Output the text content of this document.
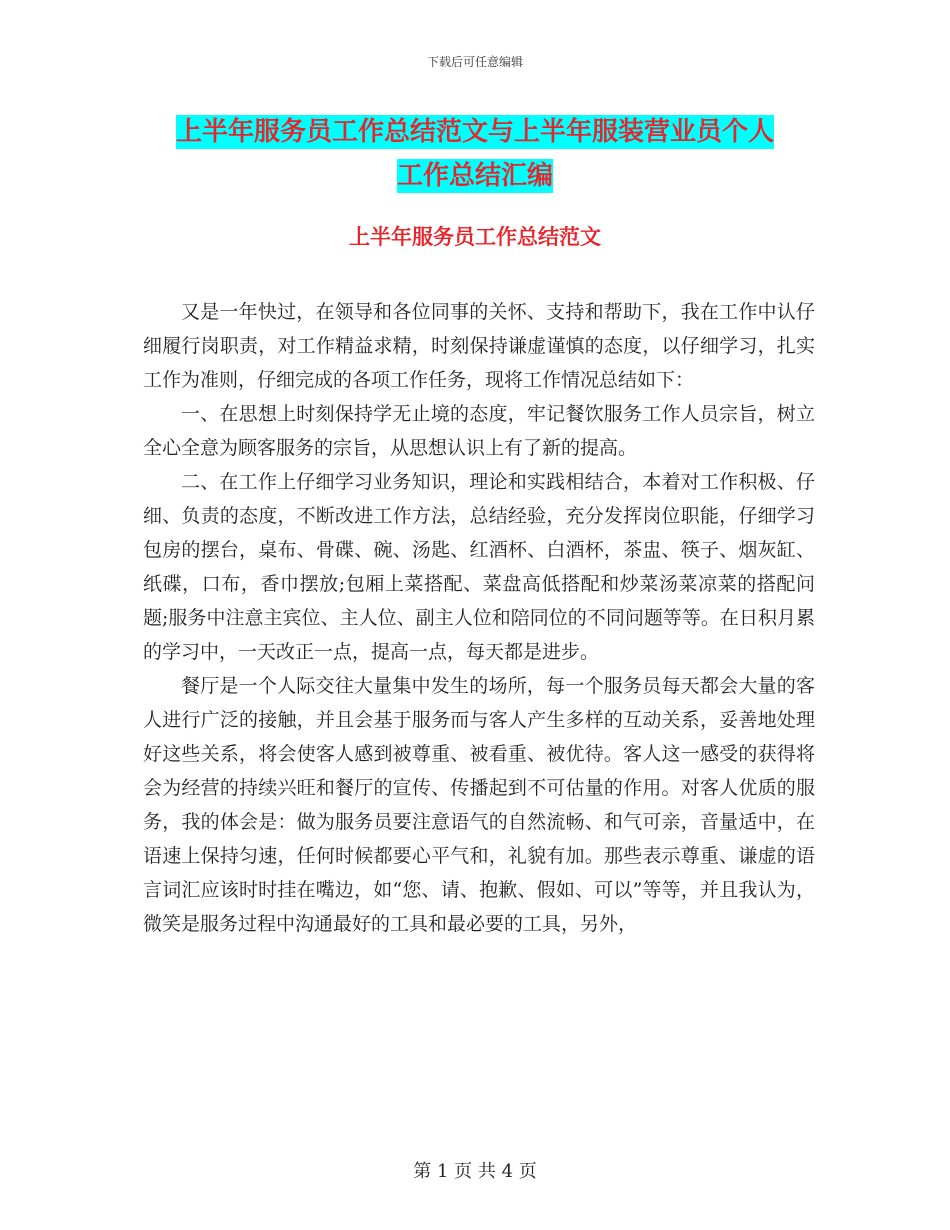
下载后可任意编辑
上半年服务员工作总结范文与上半年服装营业员个人
工作总结汇编
上半年服务员工作总结范文

又是一年快过，在领导和各位同事的关怀、支持和帮助下，我在工作中认仔细履行岗职责，对工作精益求精，时刻保持谦虚谨慎的态度，以仔细学习，扎实工作为准则，仔细完成的各项工作任务，现将工作情况总结如下：

一、在思想上时刻保持学无止境的态度，牢记餐饮服务工作人员宗旨，树立全心全意为顾客服务的宗旨，从思想认识上有了新的提高。

二、在工作上仔细学习业务知识，理论和实践相结合，本着对工作积极、仔细、负责的态度，不断改进工作方法，总结经验，充分发挥岗位职能，仔细学习包房的摆台，桌布、骨碟、碗、汤匙、红酒杯、白酒杯，茶盅、筷子、烟灰缸、纸碟，口布，香巾摆放;包厢上菜搭配、菜盘高低搭配和炒菜汤菜凉菜的搭配问题;服务中注意主宾位、主人位、副主人位和陪同位的不同问题等等。在日积月累的学习中，一天改正一点，提高一点，每天都是进步。

餐厅是一个人际交往大量集中发生的场所，每一个服务员每天都会大量的客人进行广泛的接触，并且会基于服务而与客人产生多样的互动关系，妥善地处理好这些关系，将会使客人感到被尊重、被看重、被优待。客人这一感受的获得将会为经营的持续兴旺和餐厅的宣传、传播起到不可估量的作用。对客人优质的服务，我的体会是：做为服务员要注意语气的自然流畅、和气可亲，音量适中，在语速上保持匀速，任何时候都要心平气和，礼貌有加。那些表示尊重、谦虚的语言词汇应该时时挂在嘴边，如“您、请、抱歉、假如、可以”等等，并且我认为，微笑是服务过程中沟通最好的工具和最必要的工具，另外，

第 1 页 共 4 页
